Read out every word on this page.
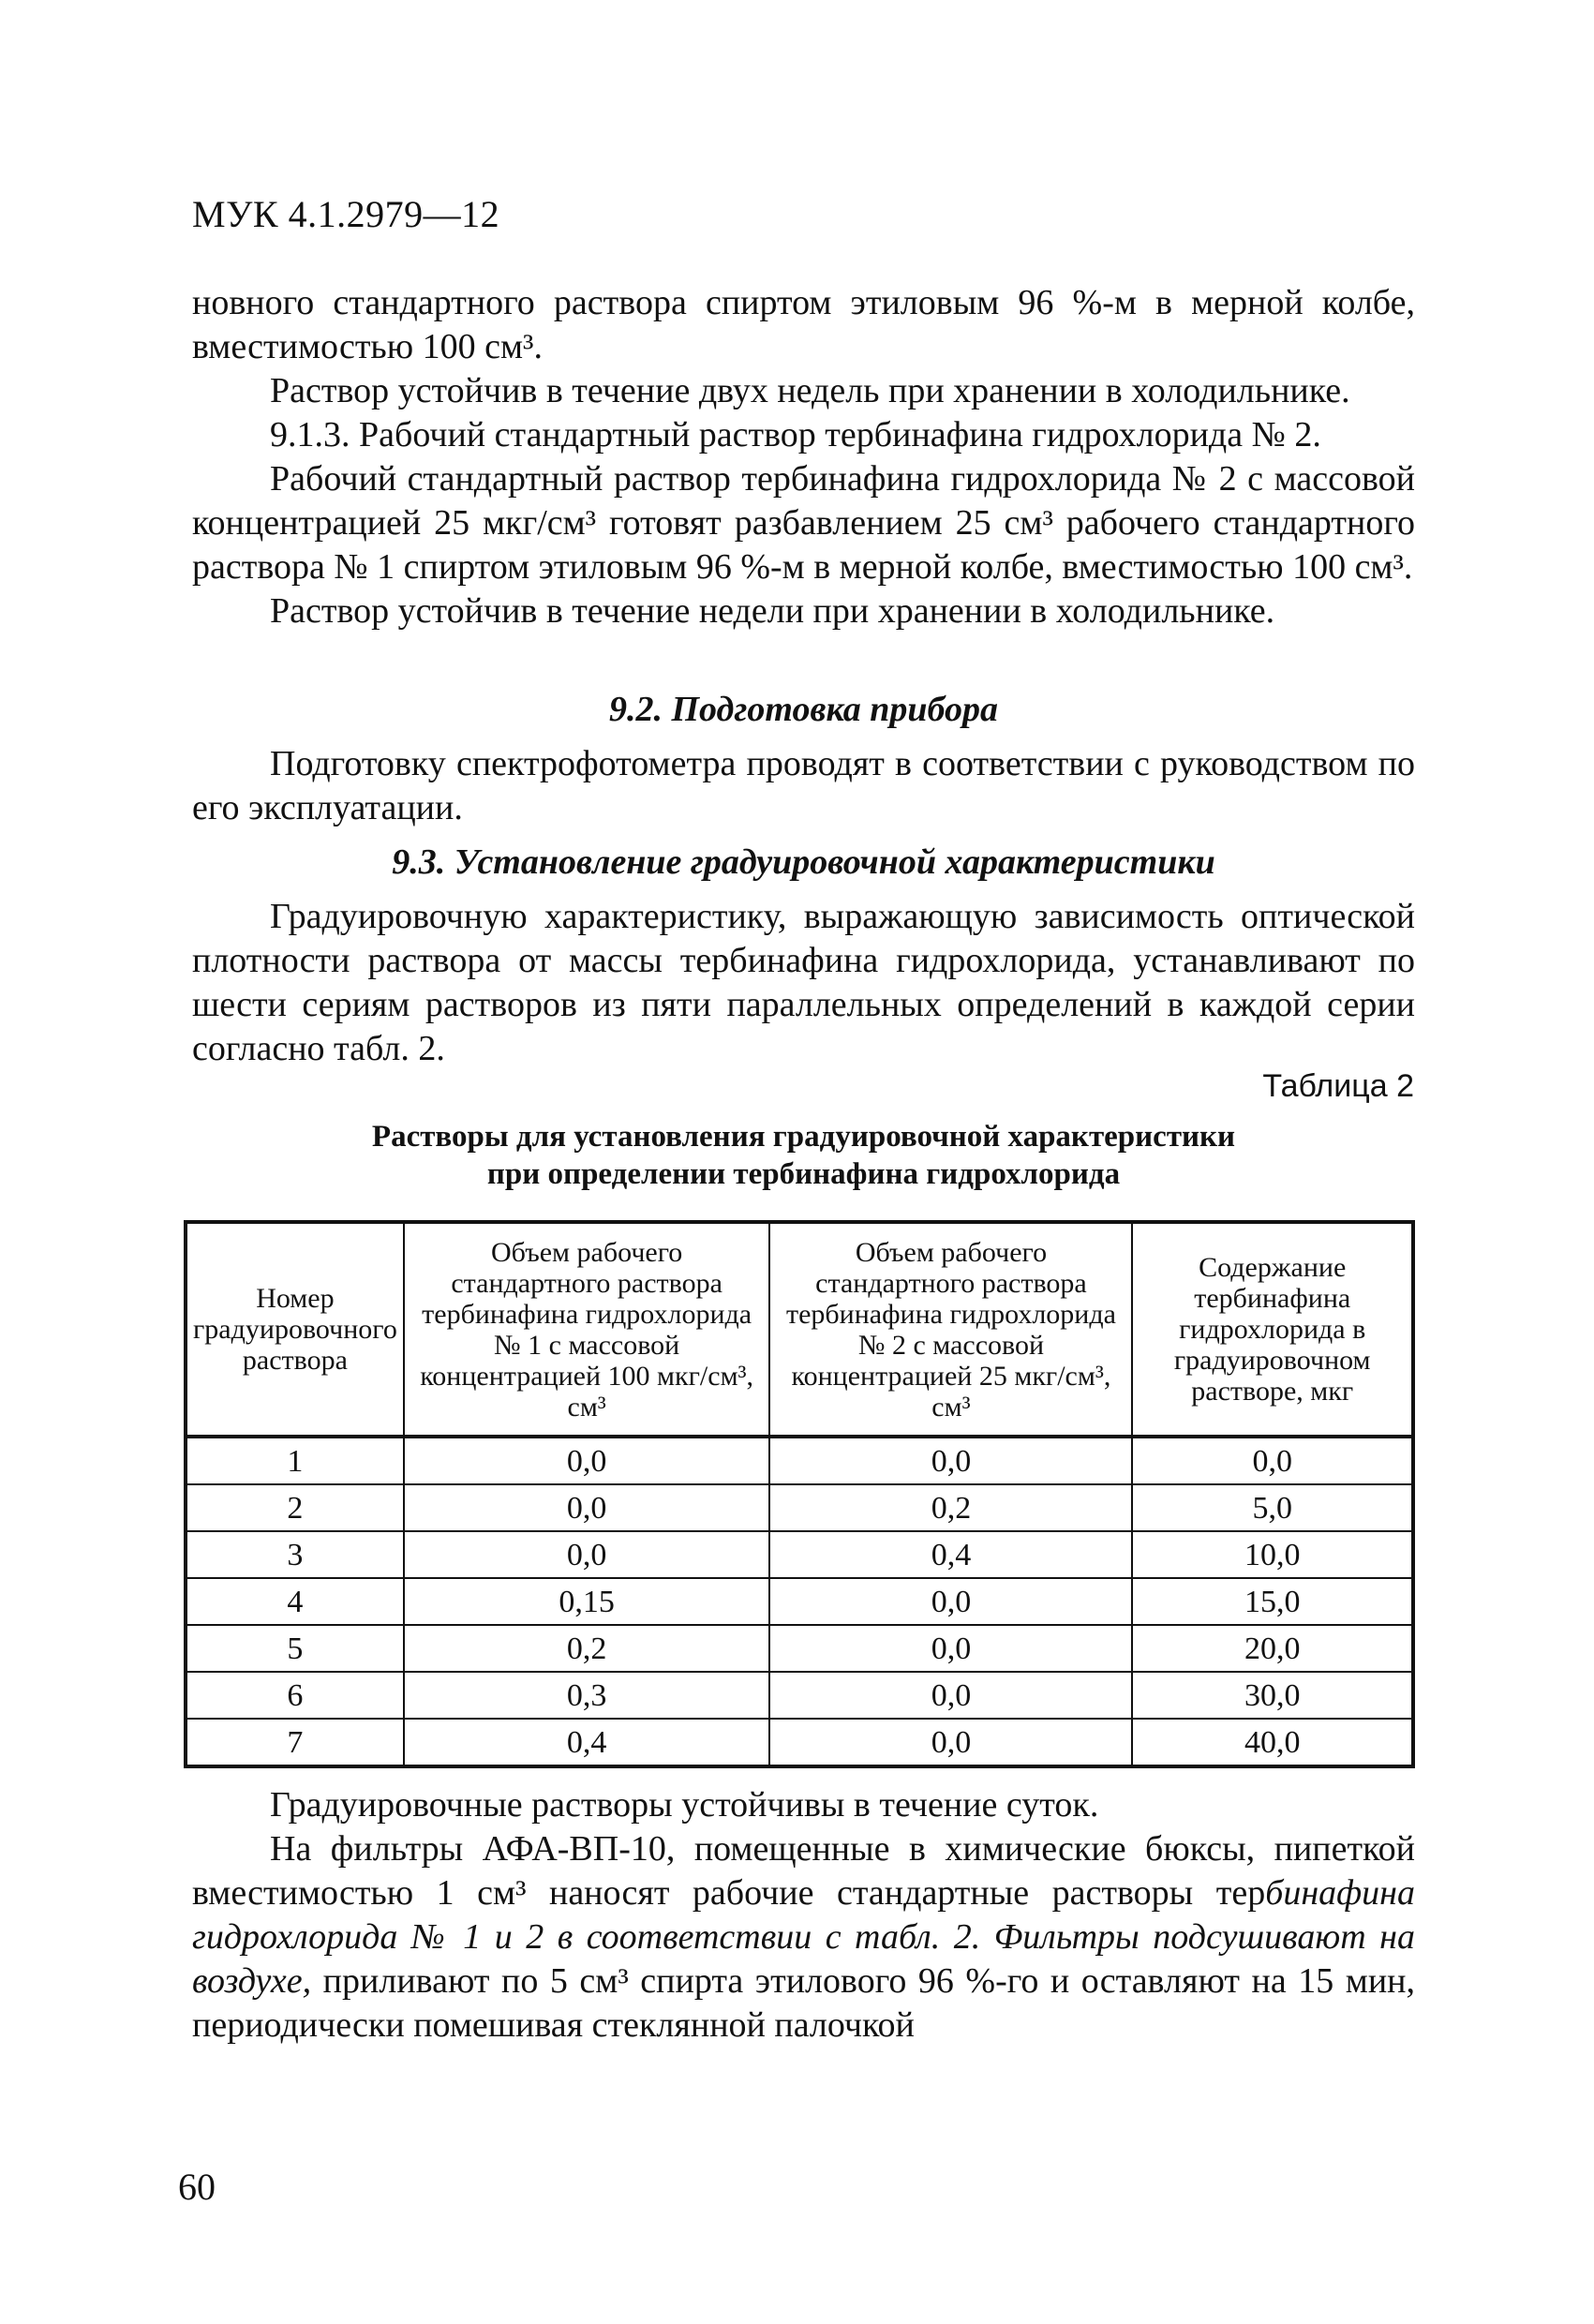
МУК 4.1.2979—12

новного стандартного раствора спиртом этиловым 96 %-м в мерной колбе, вместимостью 100 см³.

Раствор устойчив в течение двух недель при хранении в холодильнике.

9.1.3. Рабочий стандартный раствор тербинафина гидрохлорида № 2.

Рабочий стандартный раствор тербинафина гидрохлорида № 2 с массовой концентрацией 25 мкг/см³ готовят разбавлением 25 см³ рабочего стандартного раствора № 1 спиртом этиловым 96 %-м в мерной колбе, вместимостью 100 см³.

Раствор устойчив в течение недели при хранении в холодильнике.

9.2. Подготовка прибора

Подготовку спектрофотометра проводят в соответствии с руководством по его эксплуатации.

9.3. Установление градуировочной характеристики

Градуировочную характеристику, выражающую зависимость оптической плотности раствора от массы тербинафина гидрохлорида, устанавливают по шести сериям растворов из пяти параллельных определений в каждой серии согласно табл. 2.

Таблица 2
Растворы для установления градуировочной характеристики
при определении тербинафина гидрохлорида
Номер градуировочного раствора	Объем рабочего стандартного раствора тербинафина гидрохлорида № 1 с массовой концентрацией 100 мкг/см³, см³	Объем рабочего стандартного раствора тербинафина гидрохлорида № 2 с массовой концентрацией 25 мкг/см³, см³	Содержание тербинафина гидрохлорида в градуировочном растворе, мкг
1	0,0	0,0	0,0
2	0,0	0,2	5,0
3	0,0	0,4	10,0
4	0,15	0,0	15,0
5	0,2	0,0	20,0
6	0,3	0,0	30,0
7	0,4	0,0	40,0

Градуировочные растворы устойчивы в течение суток.

На фильтры АФА-ВП-10, помещенные в химические бюксы, пипеткой вместимостью 1 см³ наносят рабочие стандартные растворы тербинафина гидрохлорида № 1 и 2 в соответствии с табл. 2. Фильтры подсушивают на воздухе, приливают по 5 см³ спирта этилового 96 %-го и оставляют на 15 мин, периодически помешивая стеклянной палочкой

60
